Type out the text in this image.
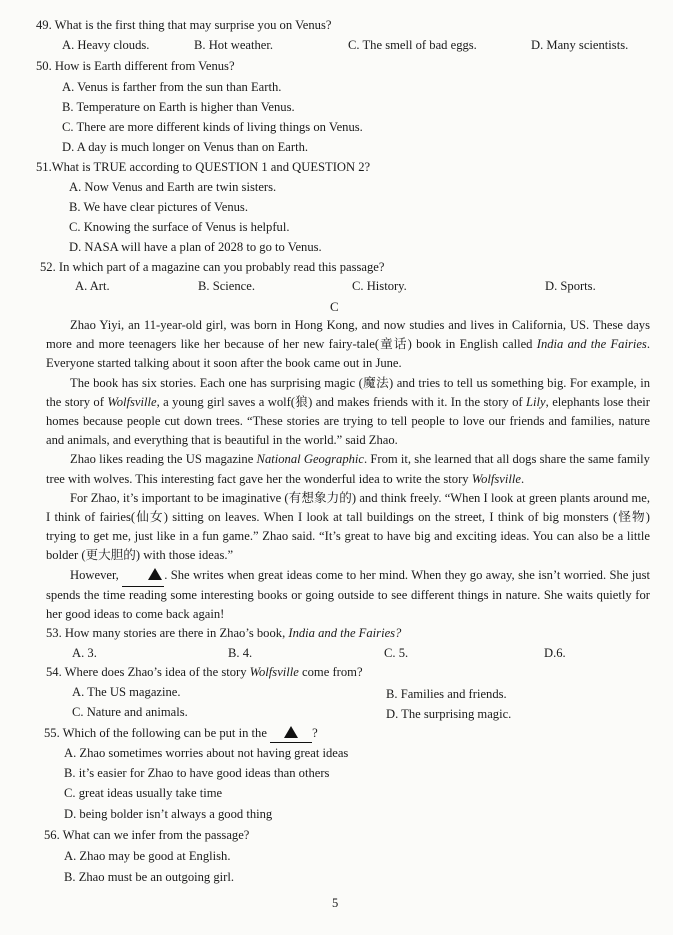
49. What is the first thing that may surprise you on Venus?
A. Heavy clouds.	B. Hot weather.	C. The smell of bad eggs.	D. Many scientists.
50. How is Earth different from Venus?
A. Venus is farther from the sun than Earth.
B. Temperature on Earth is higher than Venus.
C. There are more different kinds of living things on Venus.
D. A day is much longer on Venus than on Earth.
51.What is TRUE according to QUESTION 1 and QUESTION 2?
A. Now Venus and Earth are twin sisters.
B. We have clear pictures of Venus.
C. Knowing the surface of Venus is helpful.
D. NASA will have a plan of 2028 to go to Venus.
52. In which part of a magazine can you probably read this passage?
A. Art.	B. Science.	C. History.	D. Sports.
C

Zhao Yiyi, an 11-year-old girl, was born in Hong Kong, and now studies and lives in California, US. These days more and more teenagers like her because of her new fairy-tale(童话) book in English called India and the Fairies. Everyone started talking about it soon after the book came out in June.

The book has six stories. Each one has surprising magic (魔法) and tries to tell us something big. For example, in the story of Wolfsville, a young girl saves a wolf(狼) and makes friends with it. In the story of Lily, elephants lose their homes because people cut down trees. “These stories are trying to tell people to love our friends and families, nature and animals, and everything that is beautiful in the world.” said Zhao.

Zhao likes reading the US magazine National Geographic. From it, she learned that all dogs share the same family tree with wolves. This interesting fact gave her the wonderful idea to write the story Wolfsville.

For Zhao, it’s important to be imaginative (有想象力的) and think freely. “When I look at green plants around me, I think of fairies(仙女) sitting on leaves. When I look at tall buildings on the street, I think of big monsters (怪物) trying to get me, just like in a fun game.” Zhao said. “It’s great to have big and exciting ideas. You can also be a little bolder (更大胆的) with those ideas.”

However,	. She writes when great ideas come to her mind. When they go away, she isn’t worried. She just spends the time reading some interesting books or going outside to see different things in nature. She waits quietly for her good ideas to come back again!

53. How many stories are there in Zhao’s book, India and the Fairies?
A. 3.	B. 4.	C. 5.	D.6.
54. Where does Zhao’s idea of the story Wolfsville come from?
A. The US magazine.	B. Families and friends.
C. Nature and animals.	D. The surprising magic.
55. Which of the following can be put in the	?
A. Zhao sometimes worries about not having great ideas
B. it’s easier for Zhao to have good ideas than others
C. great ideas usually take time
D. being bolder isn’t always a good thing
56. What can we infer from the passage?
A. Zhao may be good at English.
B. Zhao must be an outgoing girl.
5
